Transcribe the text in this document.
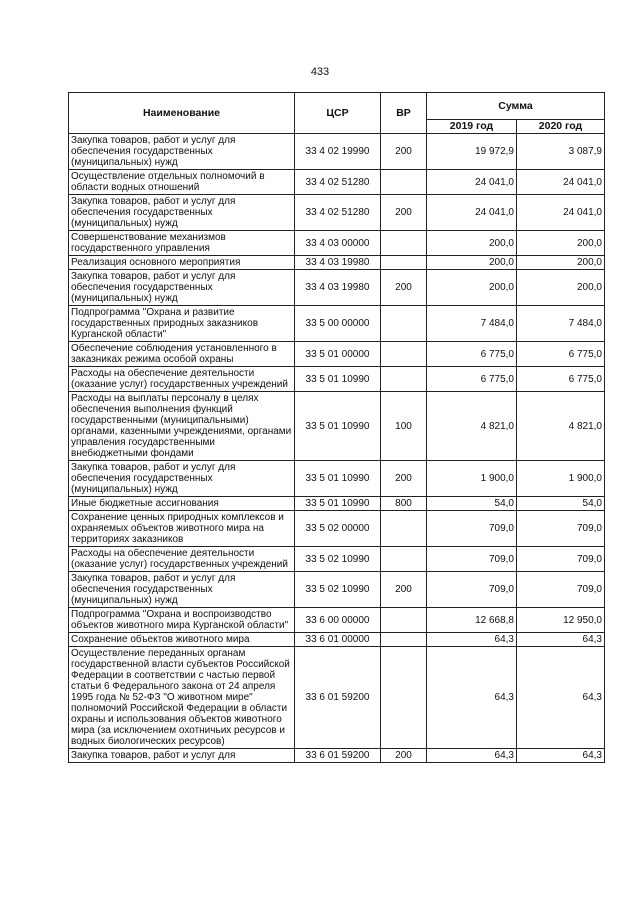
433
Наименование	ЦСР	ВР	Сумма	
			2019 год	2020 год
Закупка товаров, работ и услуг для обеспечения государственных (муниципальных) нужд	33 4 02 19990	200	19 972,9	3 087,9
Осуществление отдельных полномочий в области водных отношений	33 4 02 51280		24 041,0	24 041,0
Закупка товаров, работ и услуг для обеспечения государственных (муниципальных) нужд	33 4 02 51280	200	24 041,0	24 041,0
Совершенствование механизмов государственного управления	33 4 03 00000		200,0	200,0
Реализация основного мероприятия	33 4 03 19980		200,0	200,0
Закупка товаров, работ и услуг для обеспечения государственных (муниципальных) нужд	33 4 03 19980	200	200,0	200,0
Подпрограмма "Охрана и развитие государственных природных заказников Курганской области"	33 5 00 00000		7 484,0	7 484,0
Обеспечение соблюдения установленного в заказниках режима особой охраны	33 5 01 00000		6 775,0	6 775,0
Расходы на обеспечение деятельности (оказание услуг) государственных учреждений	33 5 01 10990		6 775,0	6 775,0
Расходы на выплаты персоналу в целях обеспечения выполнения функций государственными (муниципальными) органами, казенными учреждениями, органами управления государственными внебюджетными фондами	33 5 01 10990	100	4 821,0	4 821,0
Закупка товаров, работ и услуг для обеспечения государственных (муниципальных) нужд	33 5 01 10990	200	1 900,0	1 900,0
Иные бюджетные ассигнования	33 5 01 10990	800	54,0	54,0
Сохранение ценных природных комплексов и охраняемых объектов животного мира на территориях заказников	33 5 02 00000		709,0	709,0
Расходы на обеспечение деятельности (оказание услуг) государственных учреждений	33 5 02 10990		709,0	709,0
Закупка товаров, работ и услуг для обеспечения государственных (муниципальных) нужд	33 5 02 10990	200	709,0	709,0
Подпрограмма "Охрана и воспроизводство объектов животного мира Курганской области"	33 6 00 00000		12 668,8	12 950,0
Сохранение объектов животного мира	33 6 01 00000		64,3	64,3
Осуществление переданных органам государственной власти субъектов Российской Федерации в соответствии с частью первой статьи 6 Федерального закона от 24 апреля 1995 года № 52-ФЗ "О животном мире" полномочий Российской Федерации в области охраны и использования объектов животного мира (за исключением охотничьих ресурсов и водных биологических ресурсов)	33 6 01 59200		64,3	64,3
Закупка товаров, работ и услуг для	33 6 01 59200	200	64,3	64,3
